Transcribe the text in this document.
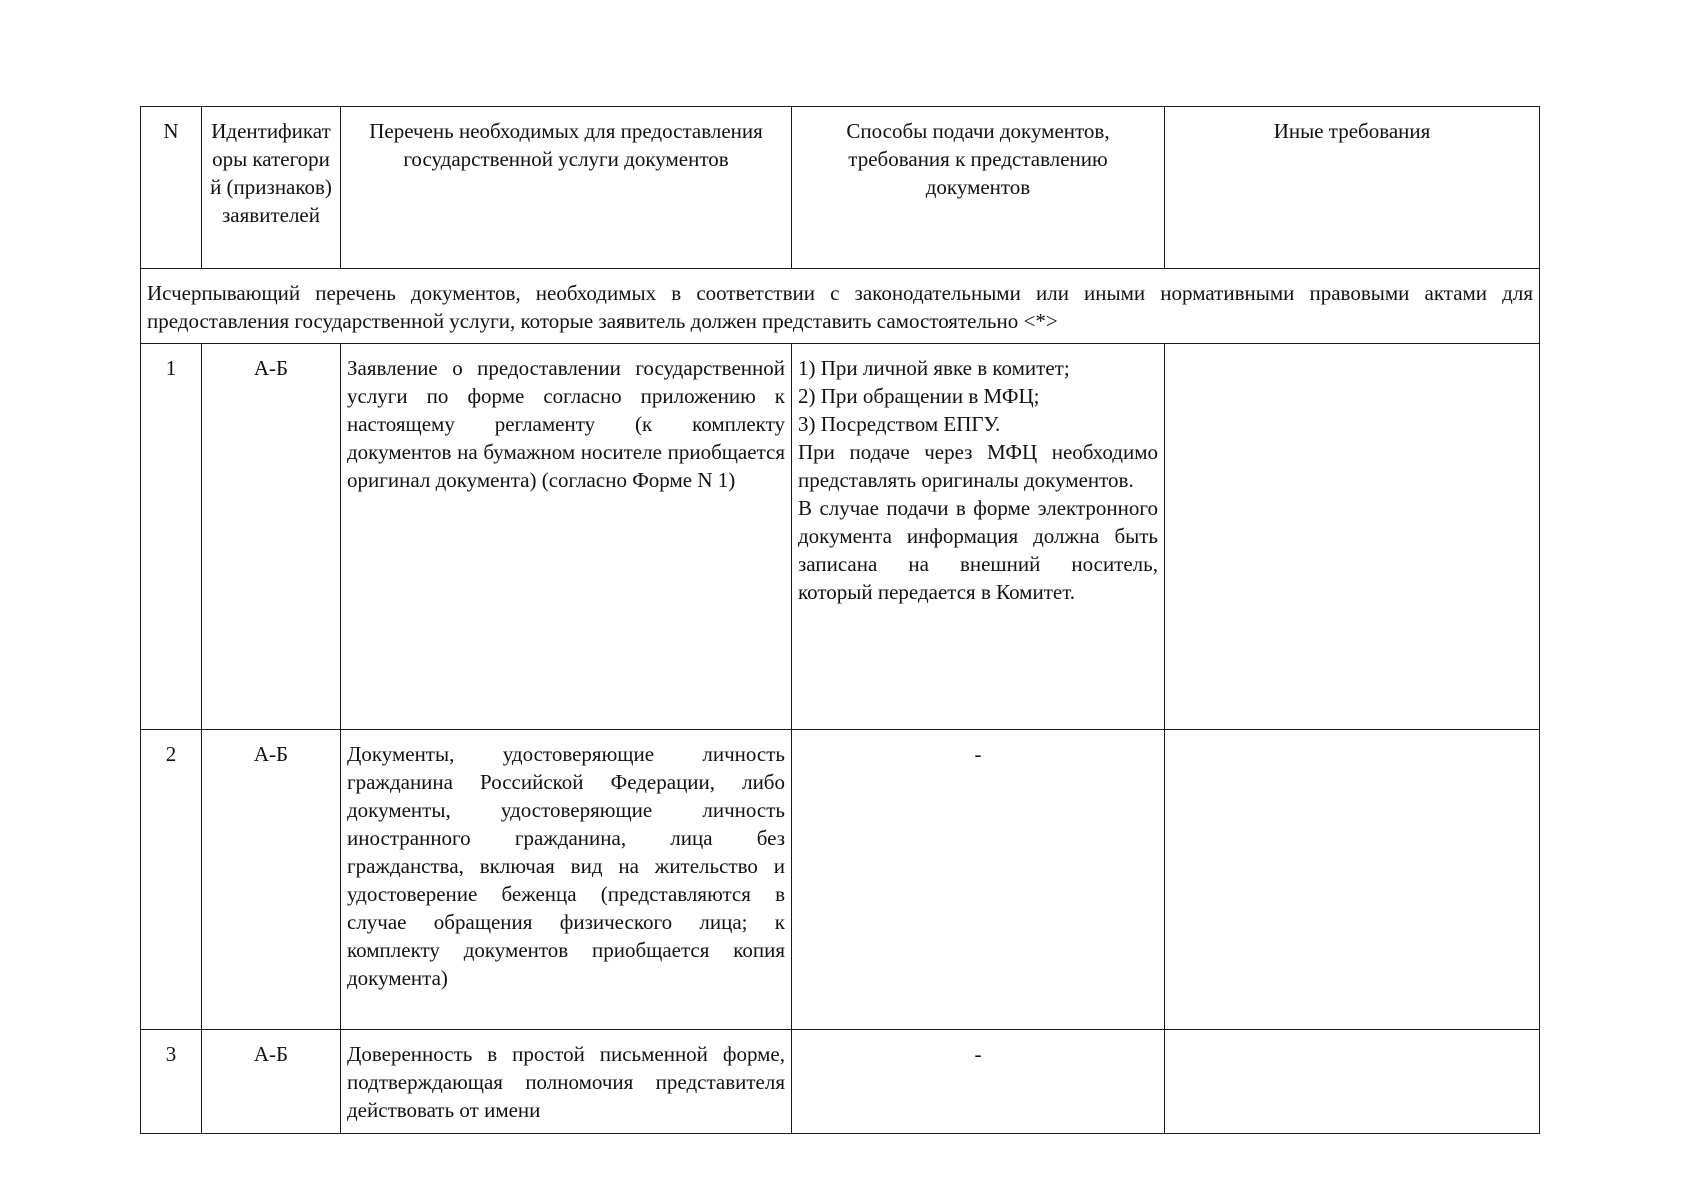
N	Идентификаторы категорий (признаков) заявителей	Перечень необходимых для предоставления государственной услуги документов	Способы подачи документов, требования к представлению документов	Иные требования
Исчерпывающий перечень документов, необходимых в соответствии с законодательными или иными нормативными правовыми актами для предоставления государственной услуги, которые заявитель должен представить самостоятельно <*>				
1	А-Б	Заявление о предоставлении государственной услуги по форме согласно приложению к настоящему регламенту (к комплекту документов на бумажном носителе приобщается оригинал документа) (согласно Форме N 1)	1) При личной явке в комитет;
2) При обращении в МФЦ;
3) Посредством ЕПГУ.
При подаче через МФЦ необходимо представлять оригиналы документов.
В случае подачи в форме электронного документа информация должна быть записана на внешний носитель, который передается в Комитет.	

2	А-Б	Документы, удостоверяющие личность гражданина Российской Федерации, либо документы, удостоверяющие личность иностранного гражданина, лица без гражданства, включая вид на жительство и удостоверение беженца (представляются в случае обращения физического лица; к комплекту документов приобщается копия документа)	-	
3	А-Б	Доверенность в простой письменной форме, подтверждающая полномочия представителя действовать от имени	-	
